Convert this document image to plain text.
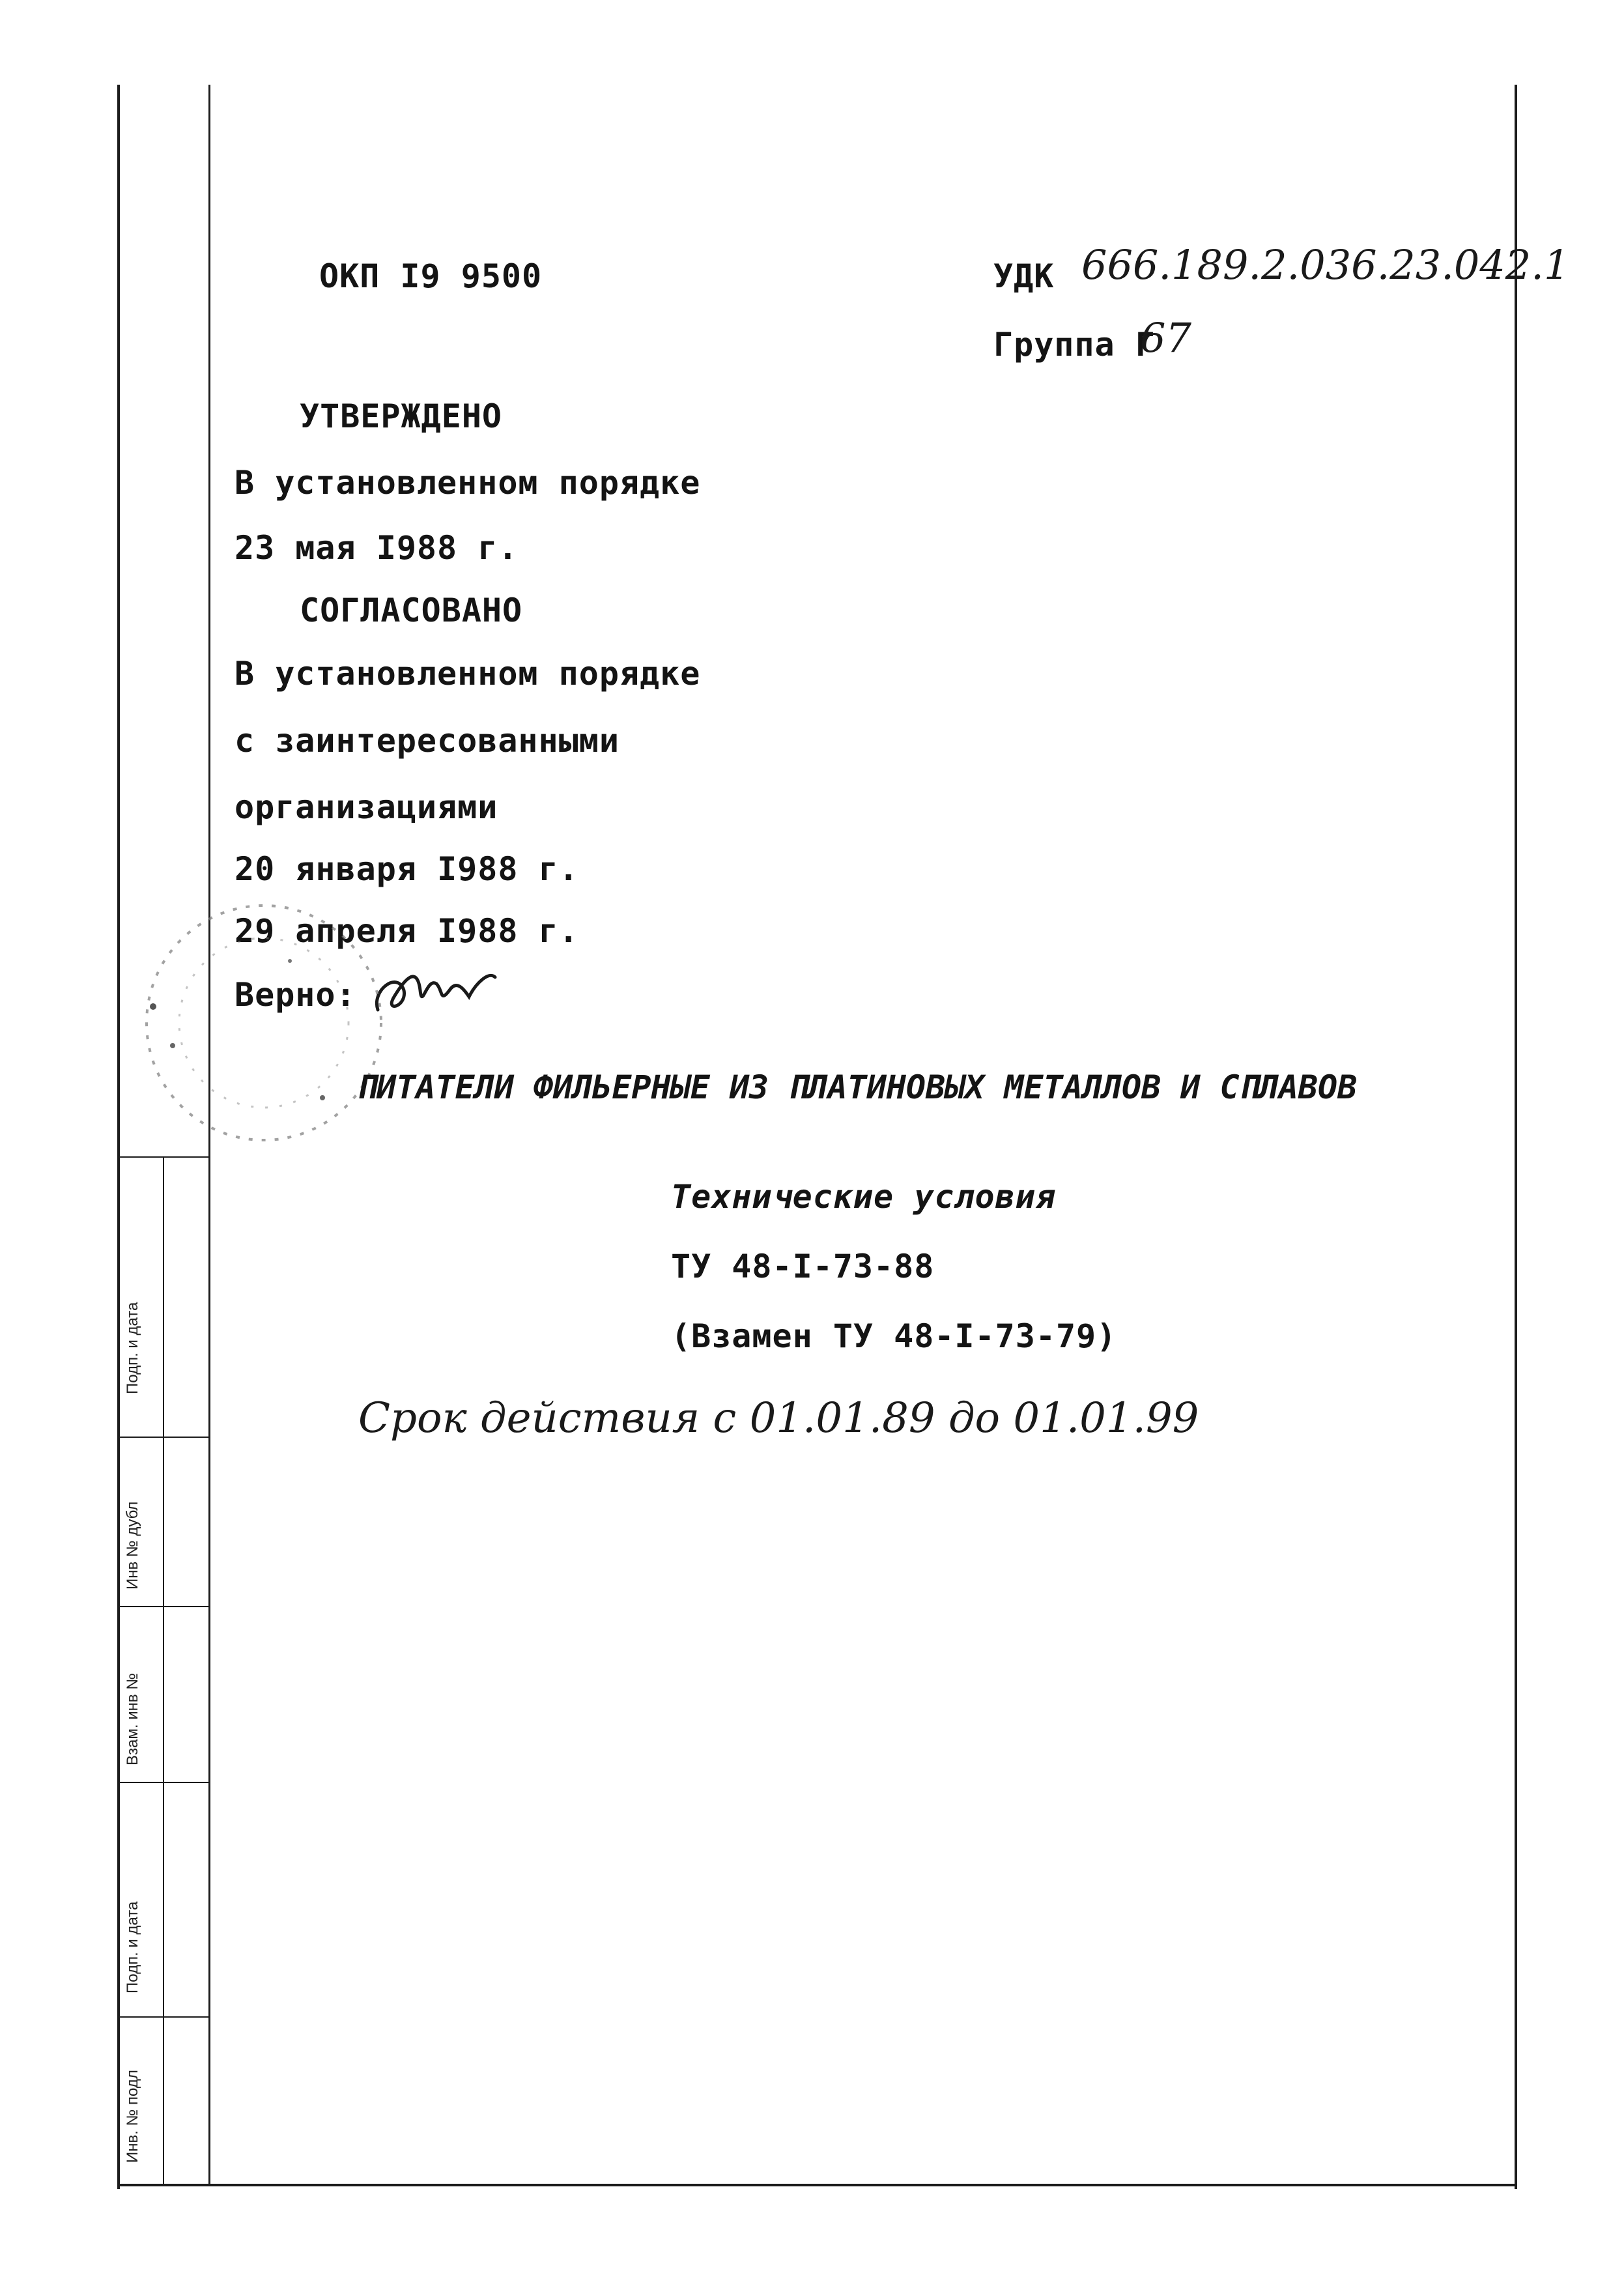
Подп. и дата
Инв № дубл
Взам. инв №
Подп. и дата
Инв. № подл
ОКП I9 9500	УДК 666.189.2.036.23.042.1
Группа Г
67
УТВЕРЖДЕНО
В установленном порядке
23 мая I988 г.
СОГЛАСОВАНО
В установленном порядке
с заинтересованными
организациями
20 января I988 г.
29 апреля I988 г.
Верно:
ПИТАТЕЛИ ФИЛЬЕРНЫЕ ИЗ ПЛАТИНОВЫХ МЕТАЛЛОВ И СПЛАВОВ
Технические условия
ТУ 48-I-73-88
(Взамен ТУ 48-I-73-79)
Срок действия с 01.01.89 до 01.01.99
